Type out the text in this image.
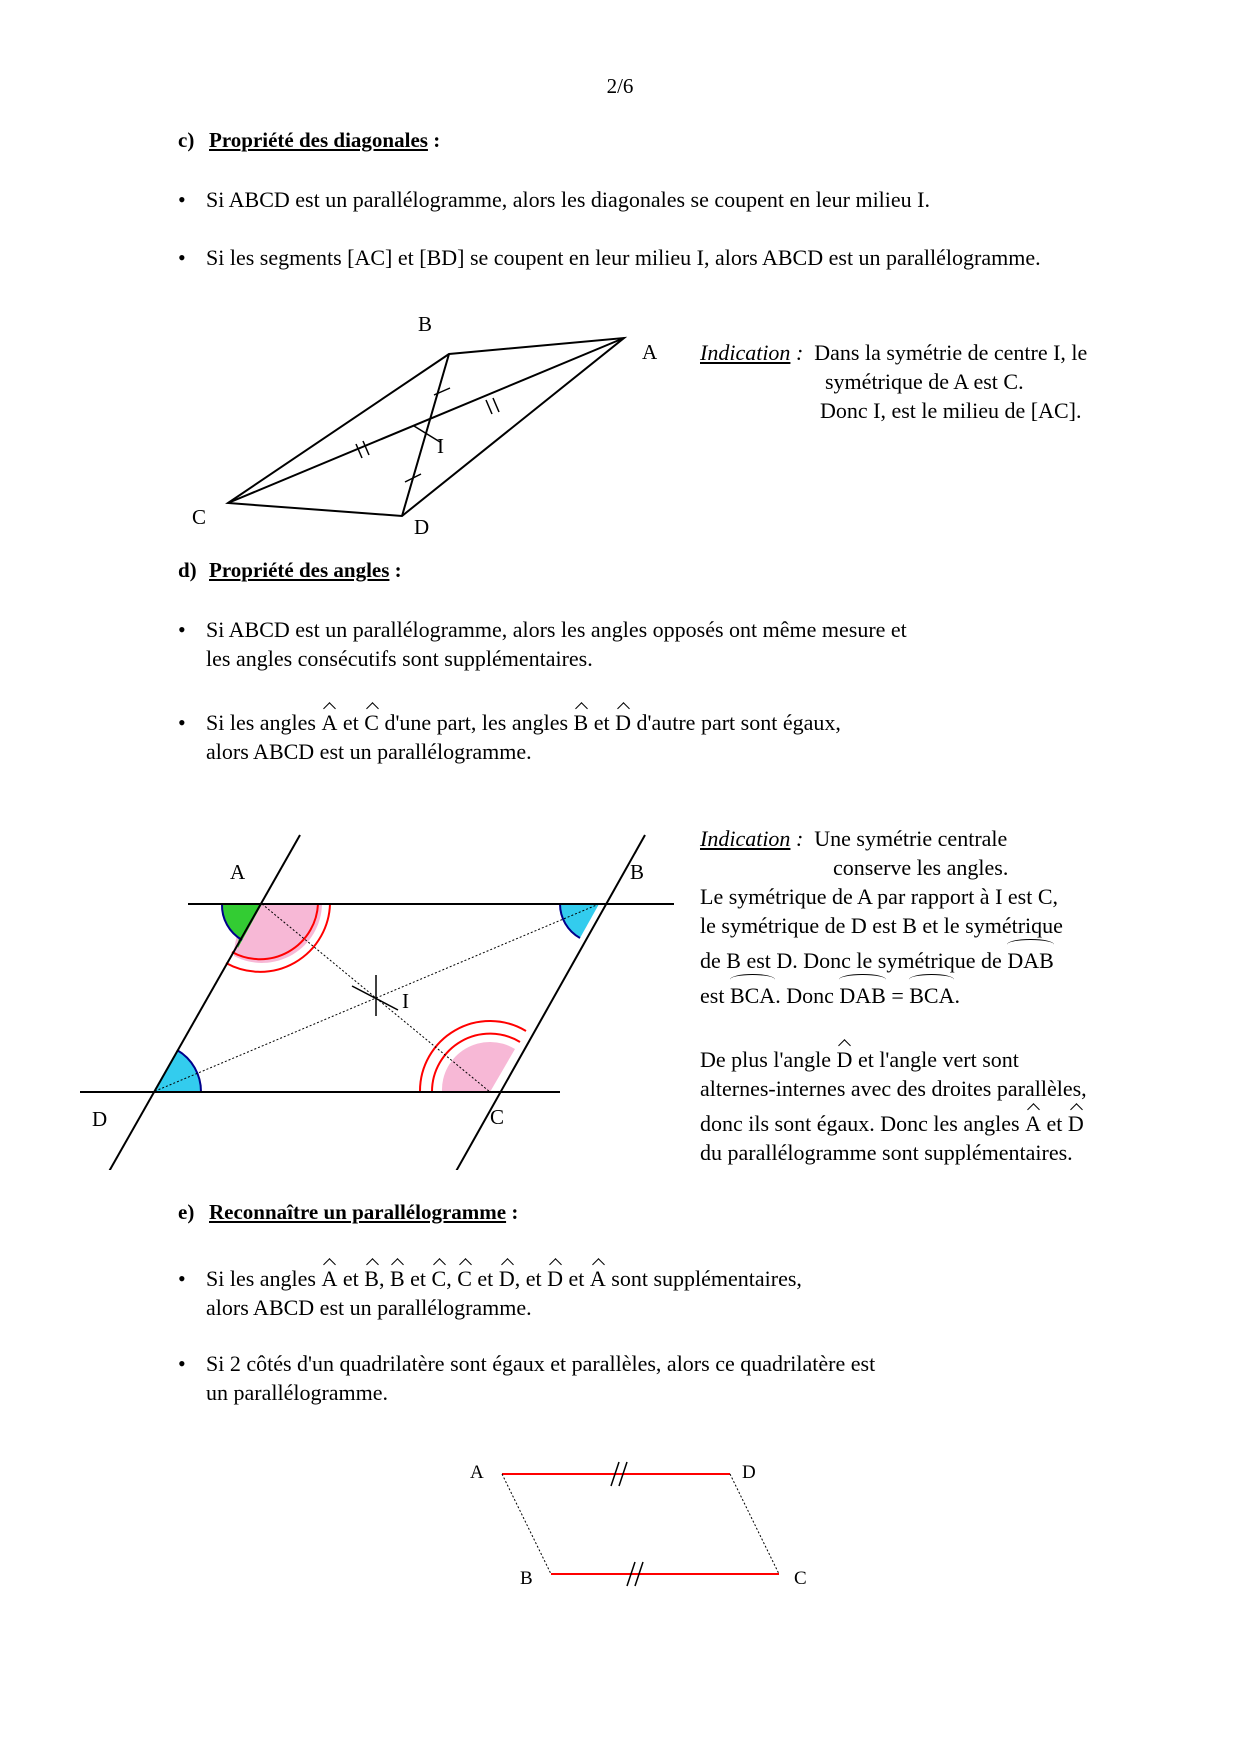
2/6
c) Propriété des diagonales :
• Si ABCD est un parallélogramme, alors les diagonales se coupent en leur milieu I.
• Si les segments [AC] et [BD] se coupent en leur milieu I, alors ABCD est un parallélogramme.
B
A
C	D
I
Indication : Dans la symétrie de centre I, le
symétrique de A est C.
Donc I, est le milieu de [AC].
d) Propriété des angles :
• Si ABCD est un parallélogramme, alors les angles opposés ont même mesure et
les angles consécutifs sont supplémentaires.
• Si les angles A et C d'une part, les angles B et D d'autre part sont égaux,
alors ABCD est un parallélogramme.
A	B
D	C
I
Indication : Une symétrie centrale
conserve les angles.
Le symétrique de A par rapport à I est C,
le symétrique de D est B et le symétrique
de B est D. Donc le symétrique de DAB
est BCA. Donc DAB = BCA.
De plus l'angle D et l'angle vert sont
alternes-internes avec des droites parallèles,
donc ils sont égaux. Donc les angles A et D
du parallélogramme sont supplémentaires.
e) Reconnaître un parallélogramme :
• Si les angles A et B, B et C, C et D, et D et A sont supplémentaires,
alors ABCD est un parallélogramme.
• Si 2 côtés d'un quadrilatère sont égaux et parallèles, alors ce quadrilatère est
un parallélogramme.
A	D
B	C
